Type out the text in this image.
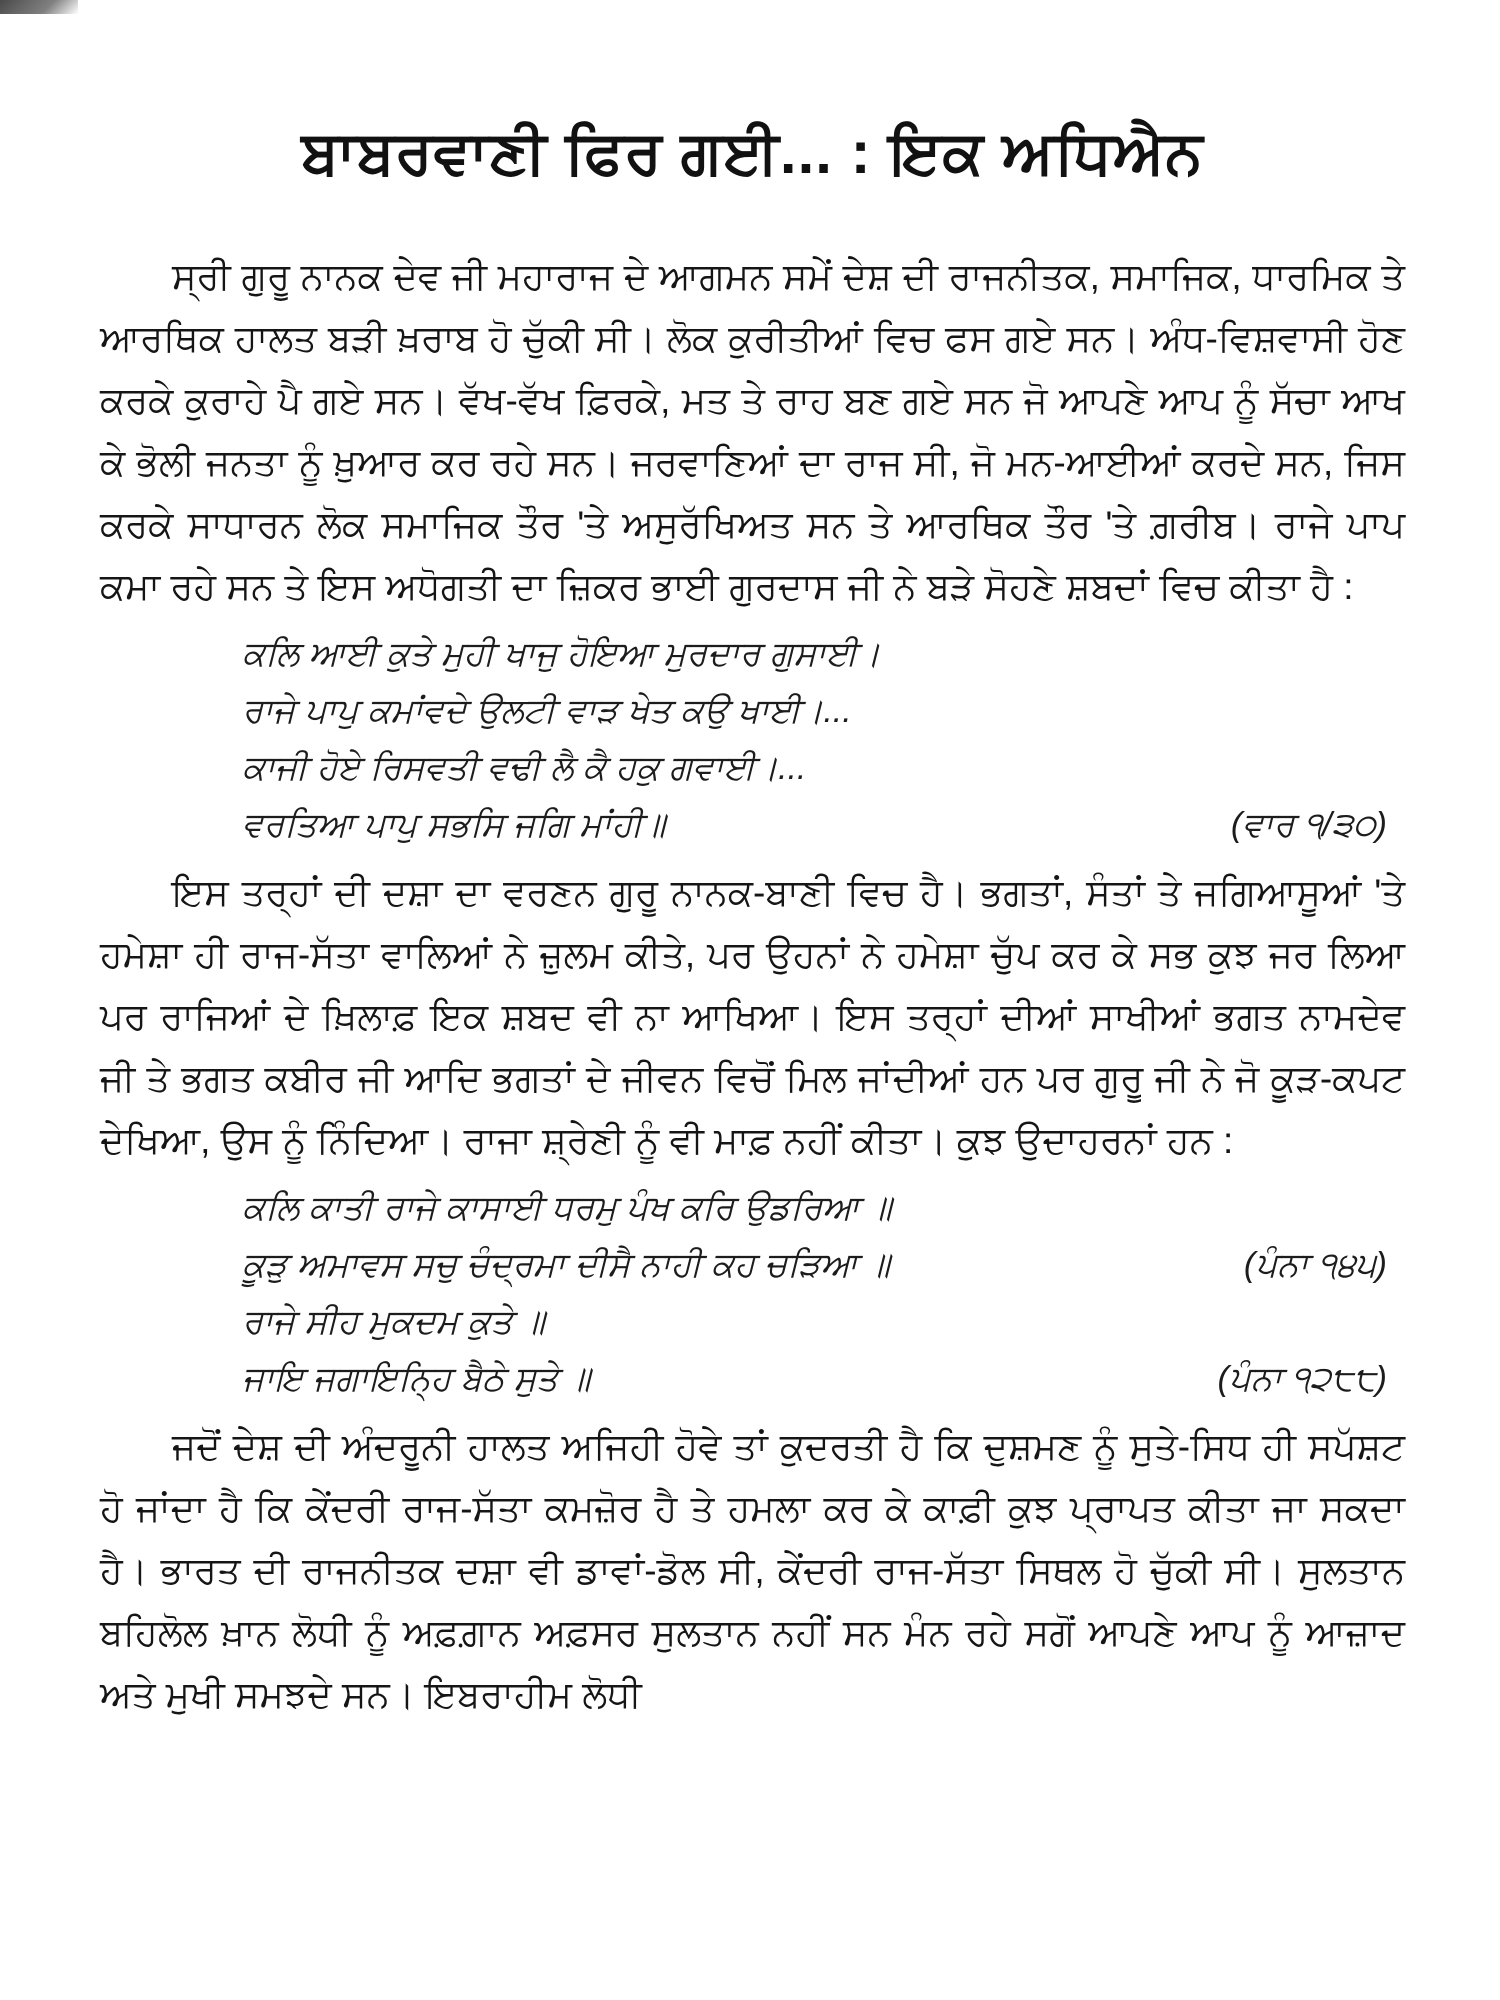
ਬਾਬਰਵਾਣੀ ਫਿਰ ਗਈ... : ਇਕ ਅਧਿਐਨ

ਸ੍ਰੀ ਗੁਰੂ ਨਾਨਕ ਦੇਵ ਜੀ ਮਹਾਰਾਜ ਦੇ ਆਗਮਨ ਸਮੇਂ ਦੇਸ਼ ਦੀ ਰਾਜਨੀਤਕ, ਸਮਾਜਿਕ, ਧਾਰਮਿਕ ਤੇ ਆਰਥਿਕ ਹਾਲਤ ਬੜੀ ਖ਼ਰਾਬ ਹੋ ਚੁੱਕੀ ਸੀ। ਲੋਕ ਕੁਰੀਤੀਆਂ ਵਿਚ ਫਸ ਗਏ ਸਨ। ਅੰਧ-ਵਿਸ਼ਵਾਸੀ ਹੋਣ ਕਰਕੇ ਕੁਰਾਹੇ ਪੈ ਗਏ ਸਨ। ਵੱਖ-ਵੱਖ ਫ਼ਿਰਕੇ, ਮਤ ਤੇ ਰਾਹ ਬਣ ਗਏ ਸਨ ਜੋ ਆਪਣੇ ਆਪ ਨੂੰ ਸੱਚਾ ਆਖ ਕੇ ਭੋਲੀ ਜਨਤਾ ਨੂੰ ਖ਼ੁਆਰ ਕਰ ਰਹੇ ਸਨ। ਜਰਵਾਣਿਆਂ ਦਾ ਰਾਜ ਸੀ, ਜੋ ਮਨ-ਆਈਆਂ ਕਰਦੇ ਸਨ, ਜਿਸ ਕਰਕੇ ਸਾਧਾਰਨ ਲੋਕ ਸਮਾਜਿਕ ਤੌਰ 'ਤੇ ਅਸੁਰੱਖਿਅਤ ਸਨ ਤੇ ਆਰਥਿਕ ਤੌਰ 'ਤੇ ਗ਼ਰੀਬ। ਰਾਜੇ ਪਾਪ ਕਮਾ ਰਹੇ ਸਨ ਤੇ ਇਸ ਅਧੋਗਤੀ ਦਾ ਜ਼ਿਕਰ ਭਾਈ ਗੁਰਦਾਸ ਜੀ ਨੇ ਬੜੇ ਸੋਹਣੇ ਸ਼ਬਦਾਂ ਵਿਚ ਕੀਤਾ ਹੈ :

ਕਲਿ ਆਈ ਕੁਤੇ ਮੁਹੀ ਖਾਜੁ ਹੋਇਆ ਮੁਰਦਾਰ ਗੁਸਾਈ।
ਰਾਜੇ ਪਾਪੁ ਕਮਾਂਵਦੇ ਉਲਟੀ ਵਾੜ ਖੇਤ ਕਉ ਖਾਈ।...
ਕਾਜੀ ਹੋਏ ਰਿਸਵਤੀ ਵਢੀ ਲੈ ਕੈ ਹਕੁ ਗਵਾਈ।...
ਵਰਤਿਆ ਪਾਪੁ ਸਭਸਿ ਜਗਿ ਮਾਂਹੀ॥	(ਵਾਰ ੧/੩੦)

ਇਸ ਤਰ੍ਹਾਂ ਦੀ ਦਸ਼ਾ ਦਾ ਵਰਣਨ ਗੁਰੂ ਨਾਨਕ-ਬਾਣੀ ਵਿਚ ਹੈ। ਭਗਤਾਂ, ਸੰਤਾਂ ਤੇ ਜਗਿਆਸੂਆਂ 'ਤੇ ਹਮੇਸ਼ਾ ਹੀ ਰਾਜ-ਸੱਤਾ ਵਾਲਿਆਂ ਨੇ ਜ਼ੁਲਮ ਕੀਤੇ, ਪਰ ਉਹਨਾਂ ਨੇ ਹਮੇਸ਼ਾ ਚੁੱਪ ਕਰ ਕੇ ਸਭ ਕੁਝ ਜਰ ਲਿਆ ਪਰ ਰਾਜਿਆਂ ਦੇ ਖ਼ਿਲਾਫ਼ ਇਕ ਸ਼ਬਦ ਵੀ ਨਾ ਆਖਿਆ। ਇਸ ਤਰ੍ਹਾਂ ਦੀਆਂ ਸਾਖੀਆਂ ਭਗਤ ਨਾਮਦੇਵ ਜੀ ਤੇ ਭਗਤ ਕਬੀਰ ਜੀ ਆਦਿ ਭਗਤਾਂ ਦੇ ਜੀਵਨ ਵਿਚੋਂ ਮਿਲ ਜਾਂਦੀਆਂ ਹਨ ਪਰ ਗੁਰੂ ਜੀ ਨੇ ਜੋ ਕੂੜ-ਕਪਟ ਦੇਖਿਆ, ਉਸ ਨੂੰ ਨਿੰਦਿਆ। ਰਾਜਾ ਸ਼੍ਰੇਣੀ ਨੂੰ ਵੀ ਮਾਫ਼ ਨਹੀਂ ਕੀਤਾ। ਕੁਝ ਉਦਾਹਰਨਾਂ ਹਨ :

ਕਲਿ ਕਾਤੀ ਰਾਜੇ ਕਾਸਾਈ ਧਰਮੁ ਪੰਖ ਕਰਿ ਉਡਰਿਆ ॥
ਕੂੜੁ ਅਮਾਵਸ ਸਚੁ ਚੰਦ੍ਰਮਾ ਦੀਸੈ ਨਾਹੀ ਕਹ ਚੜਿਆ ॥	(ਪੰਨਾ ੧੪੫)
ਰਾਜੇ ਸੀਹ ਮੁਕਦਮ ਕੁਤੇ ॥
ਜਾਇ ਜਗਾਇਨ੍ਹਿ ਬੈਠੇ ਸੁਤੇ ॥	(ਪੰਨਾ ੧੨੮੮)

ਜਦੋਂ ਦੇਸ਼ ਦੀ ਅੰਦਰੂਨੀ ਹਾਲਤ ਅਜਿਹੀ ਹੋਵੇ ਤਾਂ ਕੁਦਰਤੀ ਹੈ ਕਿ ਦੁਸ਼ਮਣ ਨੂੰ ਸੁਤੇ-ਸਿਧ ਹੀ ਸਪੱਸ਼ਟ ਹੋ ਜਾਂਦਾ ਹੈ ਕਿ ਕੇਂਦਰੀ ਰਾਜ-ਸੱਤਾ ਕਮਜ਼ੋਰ ਹੈ ਤੇ ਹਮਲਾ ਕਰ ਕੇ ਕਾਫ਼ੀ ਕੁਝ ਪ੍ਰਾਪਤ ਕੀਤਾ ਜਾ ਸਕਦਾ ਹੈ। ਭਾਰਤ ਦੀ ਰਾਜਨੀਤਕ ਦਸ਼ਾ ਵੀ ਡਾਵਾਂ-ਡੋਲ ਸੀ, ਕੇਂਦਰੀ ਰਾਜ-ਸੱਤਾ ਸਿਥਲ ਹੋ ਚੁੱਕੀ ਸੀ। ਸੁਲਤਾਨ ਬਹਿਲੋਲ ਖ਼ਾਨ ਲੋਧੀ ਨੂੰ ਅਫ਼ਗ਼ਾਨ ਅਫ਼ਸਰ ਸੁਲਤਾਨ ਨਹੀਂ ਸਨ ਮੰਨ ਰਹੇ ਸਗੋਂ ਆਪਣੇ ਆਪ ਨੂੰ ਆਜ਼ਾਦ ਅਤੇ ਮੁਖੀ ਸਮਝਦੇ ਸਨ। ਇਬਰਾਹੀਮ ਲੋਧੀ
